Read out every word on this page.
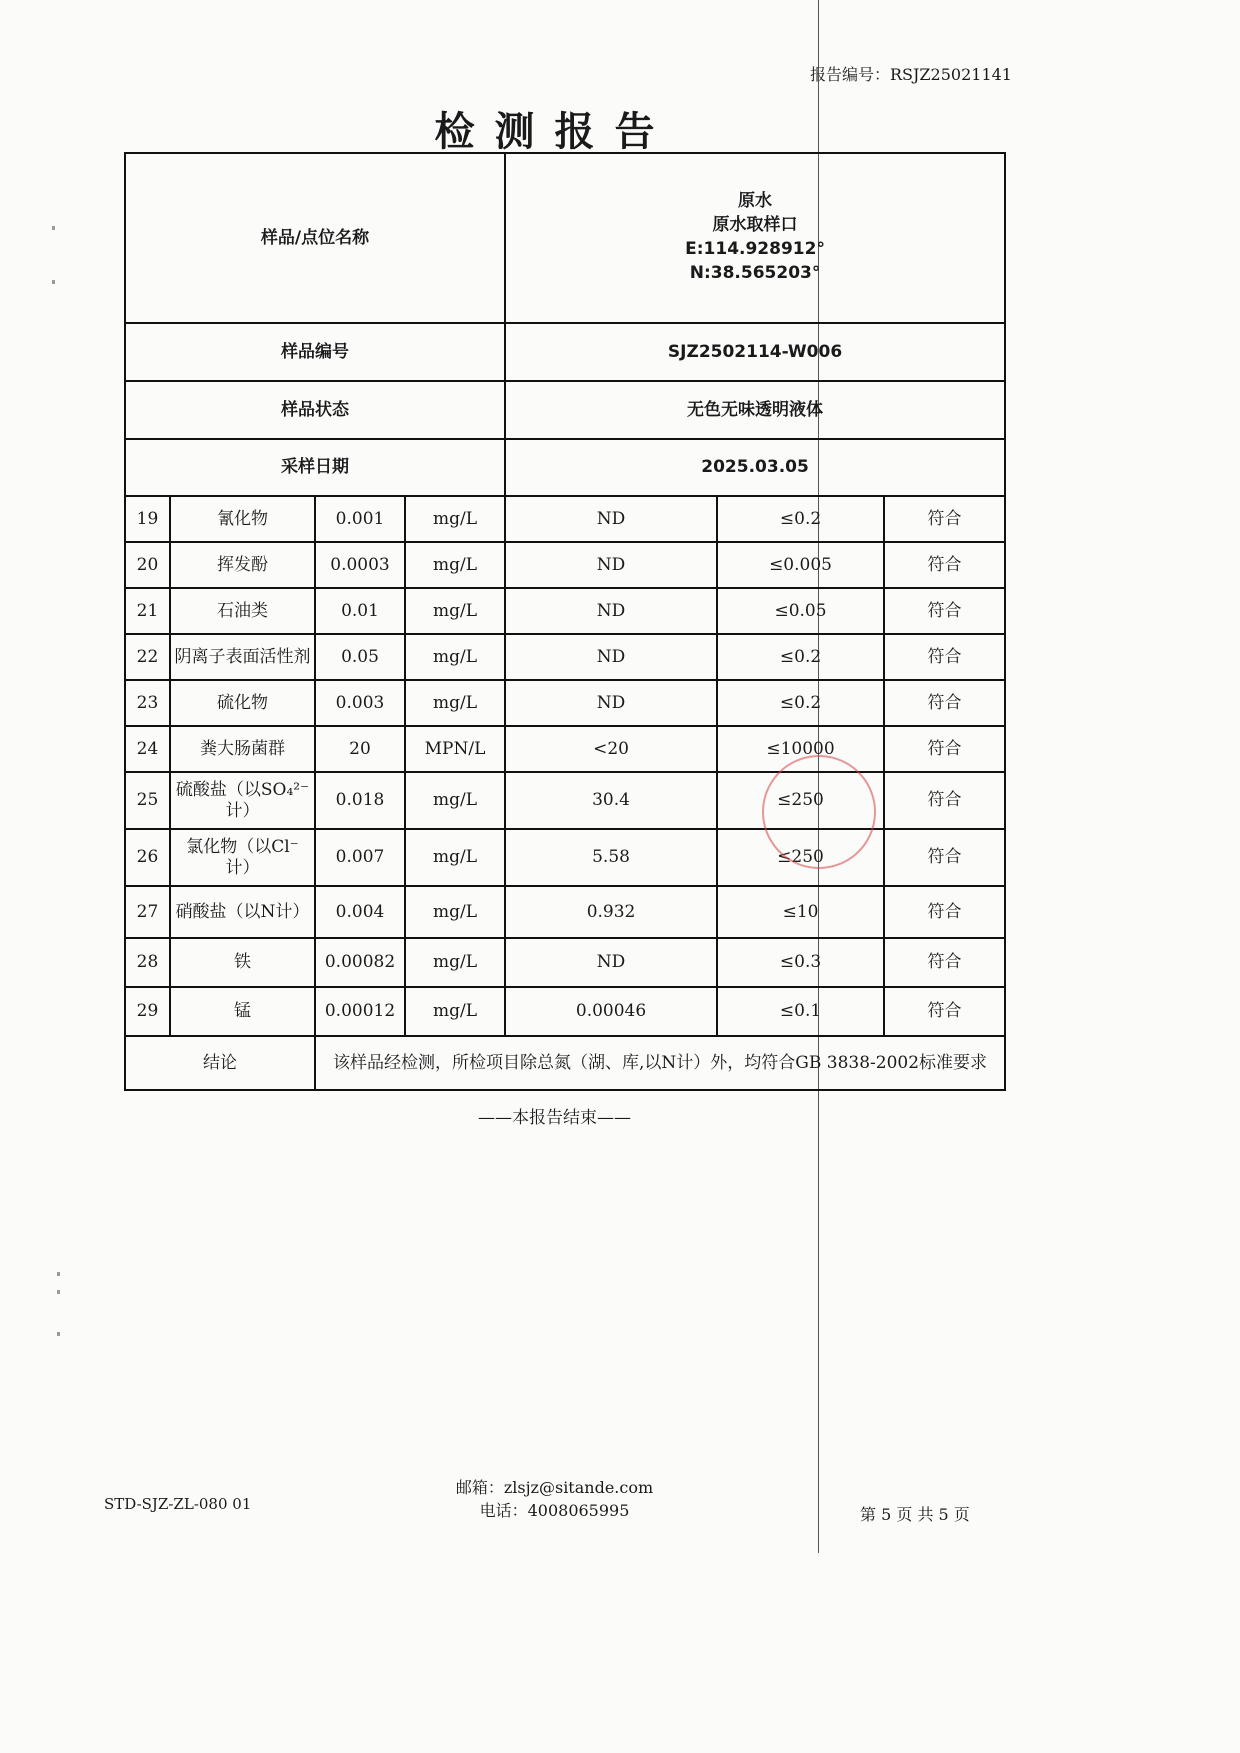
报告编号：RSJZ25021141
检测报告
样品/点位名称				原水
原水取样口
E:114.928912°
N:38.565203°		

样品编号				SJZ2502114-W006		
样品状态				无色无味透明液体		
采样日期				2025.03.05		
19	氰化物	0.001	mg/L	ND	≤0.2	符合
20	挥发酚	0.0003	mg/L	ND	≤0.005	符合
21	石油类	0.01	mg/L	ND	≤0.05	符合
22	阴离子表面活性剂	0.05	mg/L	ND	≤0.2	符合
23	硫化物	0.003	mg/L	ND	≤0.2	符合
24	粪大肠菌群	20	MPN/L	<20	≤10000	符合
25	硫酸盐（以SO₄²⁻计）	0.018	mg/L	30.4	≤250	符合
26	氯化物（以Cl⁻计）	0.007	mg/L	5.58	≤250	符合
27	硝酸盐（以N计）	0.004	mg/L	0.932	≤10	符合
28	铁	0.00082	mg/L	ND	≤0.3	符合
29	锰	0.00012	mg/L	0.00046	≤0.1	符合
结论		该样品经检测，所检项目除总氮（湖、库,以N计）外，均符合GB 3838-2002标准要求				
——本报告结束——
STD-SJZ-ZL-080 01
邮箱：zlsjz@sitande.com
电话：4008065995	第 5 页 共 5 页
